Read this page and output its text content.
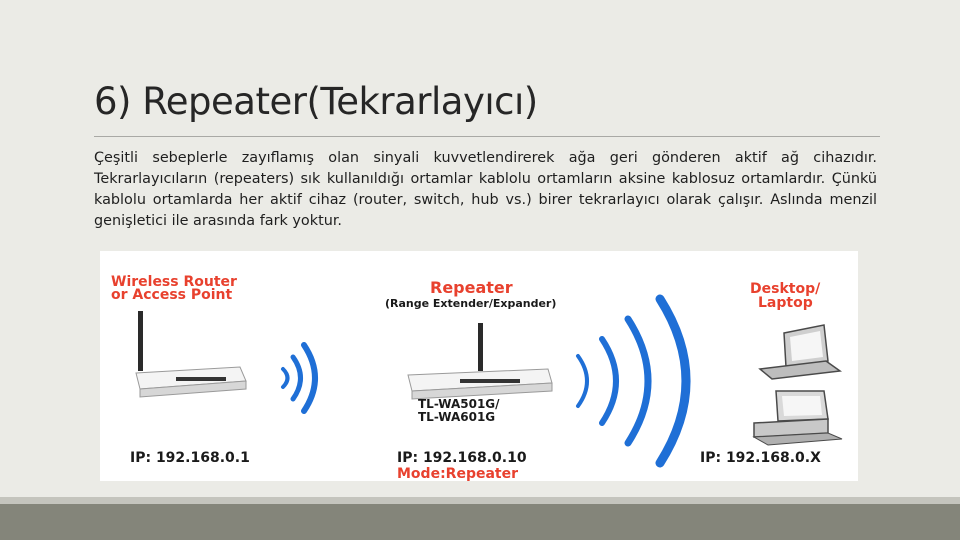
6) Repeater(Tekrarlayıcı)
Çeşitli sebeplerle zayıflamış olan sinyali kuvvetlendirerek ağa geri gönderen aktif ağ cihazıdır. Tekrarlayıcıların (repeaters) sık kullanıldığı ortamlar kablolu ortamların aksine kablosuz ortamlardır. Çünkü kablolu ortamlarda her aktif cihaz (router, switch, hub vs.) birer tekrarlayıcı olarak çalışır. Aslında menzil genişletici ile arasında fark yoktur.
Wireless Router
or Access Point	Repeater
(Range Extender/Expander)
Desktop/
Laptop
TL-WA501G/
TL-WA601G
IP: 192.168.0.1	IP: 192.168.0.10	IP: 192.168.0.X
Mode:Repeater
